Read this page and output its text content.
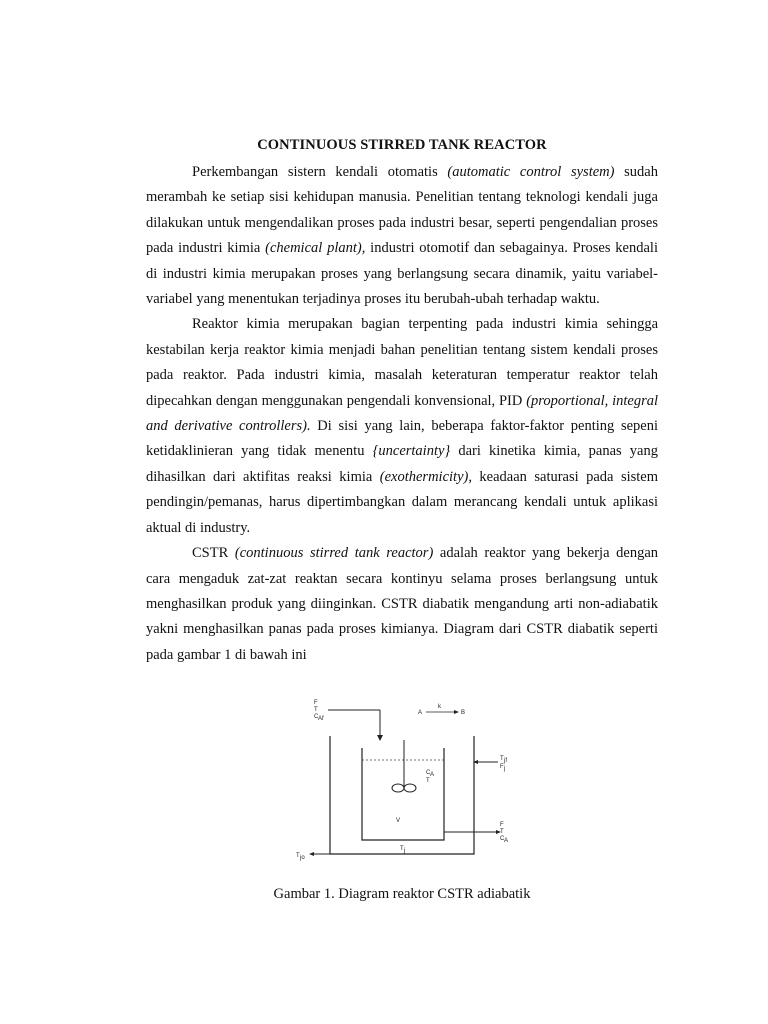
CONTINUOUS STIRRED TANK REACTOR

Perkembangan sistern kendali otomatis (automatic control system) sudah merambah ke setiap sisi kehidupan manusia. Penelitian tentang teknologi kendali juga dilakukan untuk mengendalikan proses pada industri besar, seperti pengendalian proses pada industri kimia (chemical plant), industri otomotif dan sebagainya. Proses kendali di industri kimia merupakan proses yang berlangsung secara dinamik, yaitu variabel-variabel yang menentukan terjadinya proses itu berubah-ubah terhadap waktu.

Reaktor kimia merupakan bagian terpenting pada industri kimia sehingga kestabilan kerja reaktor kimia menjadi bahan penelitian tentang sistem kendali proses pada reaktor. Pada industri kimia, masalah keteraturan temperatur reaktor telah dipecahkan dengan menggunakan pengendali konvensional, PID (proportional, integral and derivative controllers). Di sisi yang lain, beberapa faktor-faktor penting sepeni ketidaklinieran yang tidak menentu {uncertainty} dari kinetika kimia, panas yang dihasilkan dari aktifitas reaksi kimia (exothermicity), keadaan saturasi pada sistem pendingin/pemanas, harus dipertimbangkan dalam merancang kendali untuk aplikasi aktual di industry.

CSTR (continuous stirred tank reactor) adalah reaktor yang bekerja dengan cara mengaduk zat-zat reaktan secara kontinyu selama proses berlangsung untuk menghasilkan produk yang diinginkan. CSTR diabatik mengandung arti non-adiabatik yakni menghasilkan panas pada proses kimianya. Diagram dari CSTR diabatik seperti pada gambar 1 di bawah ini

F
T
C Af
A
k
B
C A
T
V
T jf
F j
F
T
C A
T jo
T j
Gambar 1. Diagram reaktor CSTR adiabatik
